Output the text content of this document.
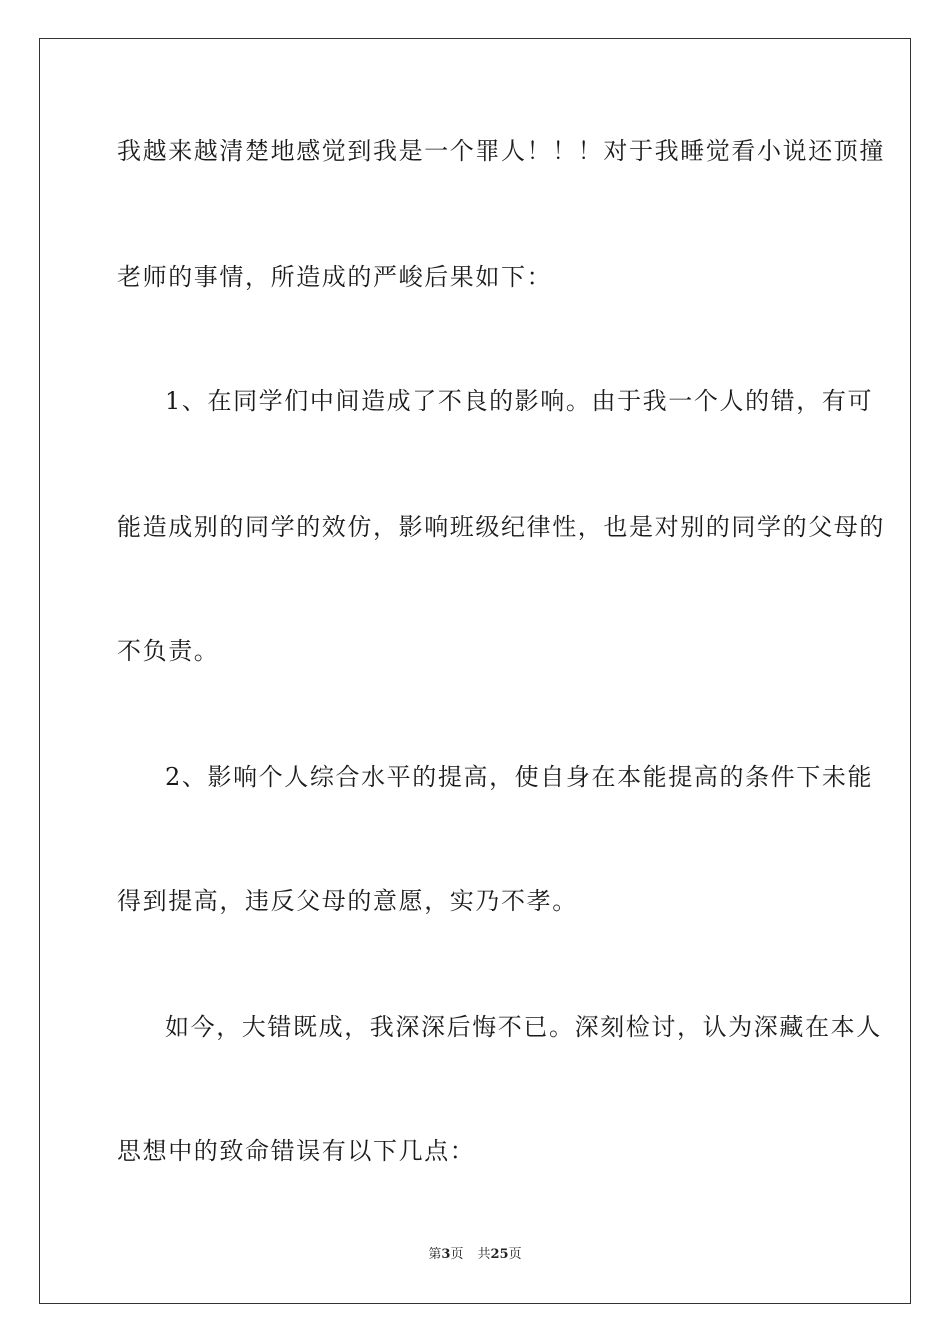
我越来越清楚地感觉到我是一个罪人！！！对于我睡觉看小说还顶撞
老师的事情，所造成的严峻后果如下：
1、在同学们中间造成了不良的影响。由于我一个人的错，有可
能造成别的同学的效仿，影响班级纪律性，也是对别的同学的父母的
不负责。
2、影响个人综合水平的提高，使自身在本能提高的条件下未能
得到提高，违反父母的意愿，实乃不孝。
如今，大错既成，我深深后悔不已。深刻检讨，认为深藏在本人
思想中的致命错误有以下几点：
第3页 共25页
